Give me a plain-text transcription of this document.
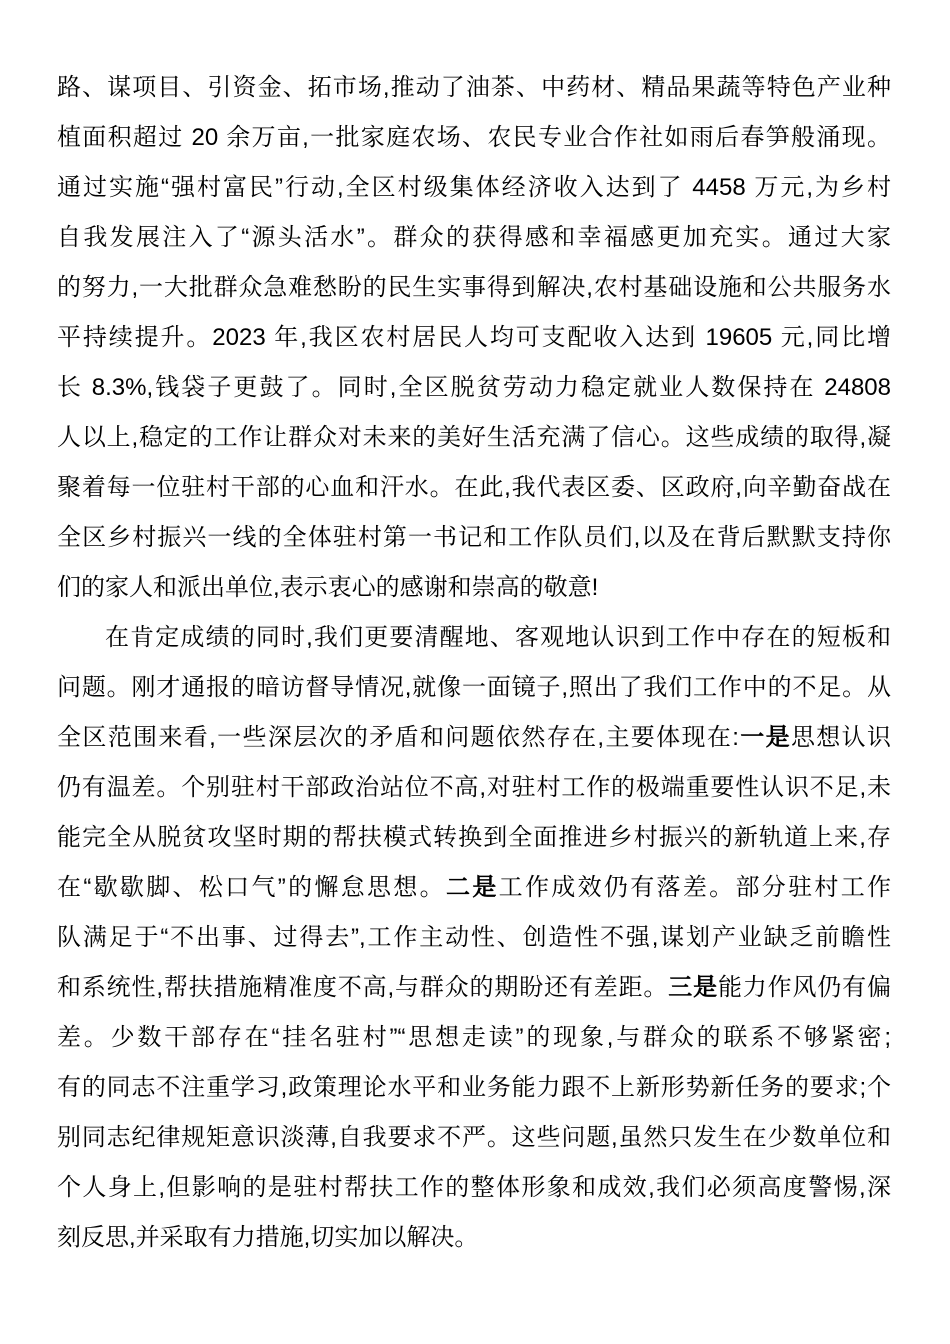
路、谋项目、引资金、拓市场,推动了油茶、中药材、精品果蔬等特色产业种
植面积超过 20 余万亩,一批家庭农场、农民专业合作社如雨后春笋般涌现。
通过实施“强村富民”行动,全区村级集体经济收入达到了 4458 万元,为乡村
自我发展注入了“源头活水”。群众的获得感和幸福感更加充实。通过大家
的努力,一大批群众急难愁盼的民生实事得到解决,农村基础设施和公共服务水
平持续提升。2023 年,我区农村居民人均可支配收入达到 19605 元,同比增
长 8.3%,钱袋子更鼓了。同时,全区脱贫劳动力稳定就业人数保持在 24808
人以上,稳定的工作让群众对未来的美好生活充满了信心。这些成绩的取得,凝
聚着每一位驻村干部的心血和汗水。在此,我代表区委、区政府,向辛勤奋战在
全区乡村振兴一线的全体驻村第一书记和工作队员们,以及在背后默默支持你
们的家人和派出单位,表示衷心的感谢和崇高的敬意!
在肯定成绩的同时,我们更要清醒地、客观地认识到工作中存在的短板和
问题。刚才通报的暗访督导情况,就像一面镜子,照出了我们工作中的不足。从
全区范围来看,一些深层次的矛盾和问题依然存在,主要体现在:一是思想认识
仍有温差。个别驻村干部政治站位不高,对驻村工作的极端重要性认识不足,未
能完全从脱贫攻坚时期的帮扶模式转换到全面推进乡村振兴的新轨道上来,存
在“歇歇脚、松口气”的懈怠思想。二是工作成效仍有落差。部分驻村工作
队满足于“不出事、过得去”,工作主动性、创造性不强,谋划产业缺乏前瞻性
和系统性,帮扶措施精准度不高,与群众的期盼还有差距。三是能力作风仍有偏
差。少数干部存在“挂名驻村”“思想走读”的现象,与群众的联系不够紧密;
有的同志不注重学习,政策理论水平和业务能力跟不上新形势新任务的要求;个
别同志纪律规矩意识淡薄,自我要求不严。这些问题,虽然只发生在少数单位和
个人身上,但影响的是驻村帮扶工作的整体形象和成效,我们必须高度警惕,深
刻反思,并采取有力措施,切实加以解决。
